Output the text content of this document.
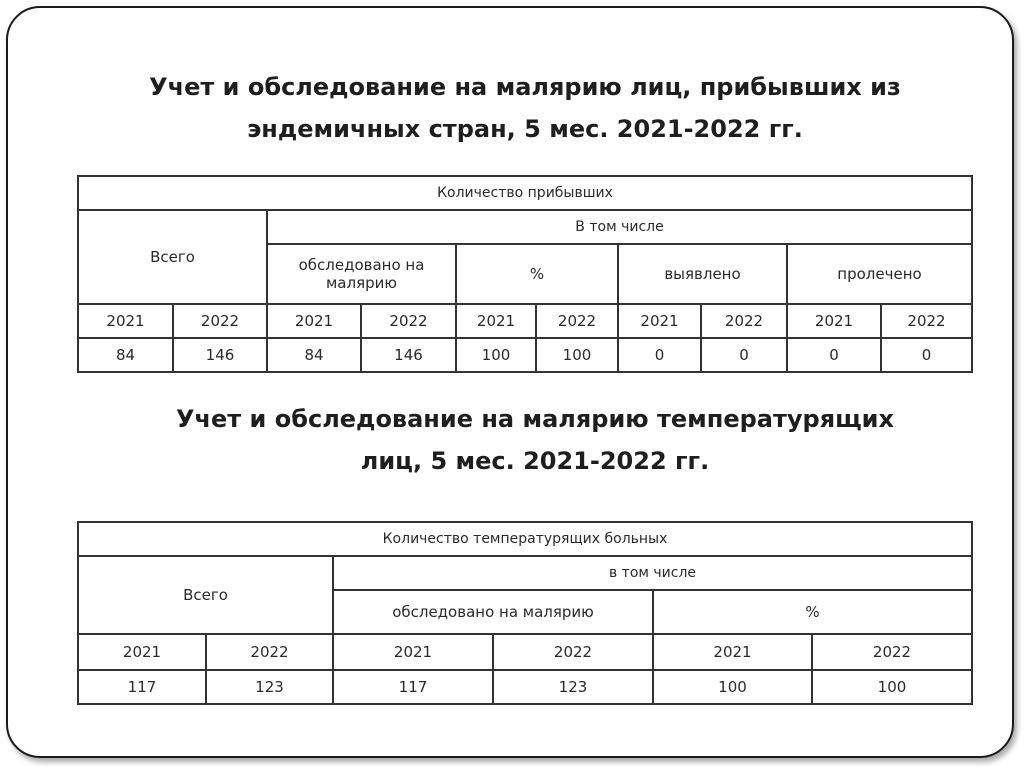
Учет и обследование на малярию лиц, прибывших из
эндемичных стран, 5 мес. 2021-2022 гг.
Количество прибывших									
Всего		В том числе							
		обследовано на малярию		%		выявлено		пролечено	
2021	2022	2021	2022	2021	2022	2021	2022	2021	2022
84	146	84	146	100	100	0	0	0	0
Учет и обследование на малярию температурящих
лиц, 5 мес. 2021-2022 гг.
Количество температурящих больных					
Всего		в том числе			
		обследовано на малярию		%	
2021	2022	2021	2022	2021	2022
117	123	117	123	100	100
